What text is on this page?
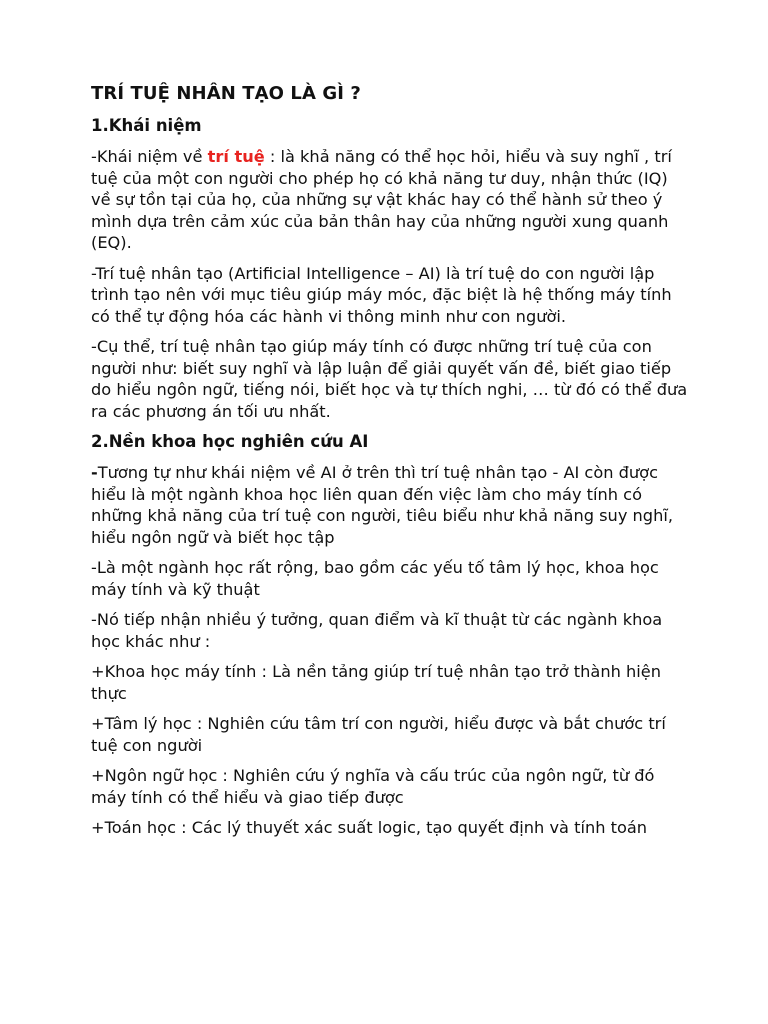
TRÍ TUỆ NHÂN TẠO LÀ GÌ ?
1.Khái niệm

-Khái niệm về trí tuệ : là khả năng có thể học hỏi, hiểu và suy nghĩ , trí tuệ của một con người cho phép họ có khả năng tư duy, nhận thức (IQ) về sự tồn tại của họ, của những sự vật khác hay có thể hành sử theo ý mình dựa trên cảm xúc của bản thân hay của những người xung quanh (EQ).

-Trí tuệ nhân tạo (Artificial Intelligence – AI) là trí tuệ do con người lập trình tạo nên với mục tiêu giúp máy móc, đặc biệt là hệ thống máy tính có thể tự động hóa các hành vi thông minh như con người.

-Cụ thể, trí tuệ nhân tạo giúp máy tính có được những trí tuệ của con người như: biết suy nghĩ và lập luận để giải quyết vấn đề, biết giao tiếp do hiểu ngôn ngữ, tiếng nói, biết học và tự thích nghi, … từ đó có thể đưa ra các phương án tối ưu nhất.

2.Nền khoa học nghiên cứu AI

-Tương tự như khái niệm về AI ở trên thì trí tuệ nhân tạo - AI còn được hiểu là một ngành khoa học liên quan đến việc làm cho máy tính có những khả năng của trí tuệ con người, tiêu biểu như khả năng suy nghĩ, hiểu ngôn ngữ và biết học tập

-Là một ngành học rất rộng, bao gồm các yếu tố tâm lý học, khoa học máy tính và kỹ thuật

-Nó tiếp nhận nhiều ý tưởng, quan điểm và kĩ thuật từ các ngành khoa học khác như :

+Khoa học máy tính : Là nền tảng giúp trí tuệ nhân tạo trở thành hiện thực

+Tâm lý học : Nghiên cứu tâm trí con người, hiểu được và bắt chước trí tuệ con người

+Ngôn ngữ học : Nghiên cứu ý nghĩa và cấu trúc của ngôn ngữ, từ đó máy tính có thể hiểu và giao tiếp được

+Toán học : Các lý thuyết xác suất logic, tạo quyết định và tính toán
